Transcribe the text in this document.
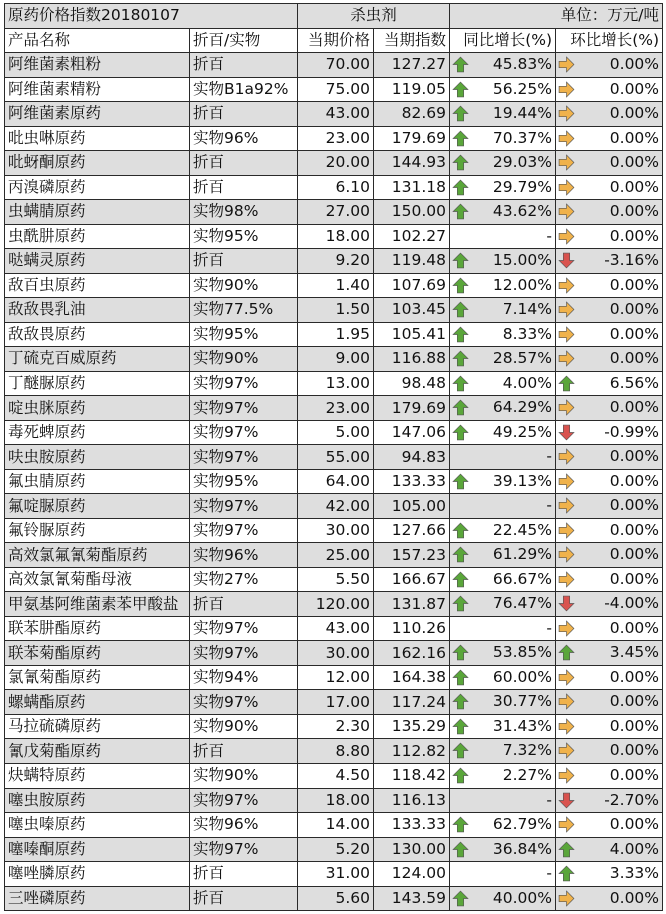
原药价格指数20180107		杀虫剂		单位：万元/吨	
产品名称	折百/实物	当期价格	当期指数	同比增长(%)	环比增长(%)
阿维菌素粗粉	折百	70.00	127.27	45.83%	0.00%

阿维菌素精粉	实物B1a92%	75.00	119.05	56.25%	0.00%

阿维菌素原药	折百	43.00	82.69	19.44%	0.00%

吡虫啉原药	实物96%	23.00	179.69	70.37%	0.00%

吡蚜酮原药	折百	20.00	144.93	29.03%	0.00%

丙溴磷原药	折百	6.10	131.18	29.79%	0.00%

虫螨腈原药	实物98%	27.00	150.00	43.62%	0.00%

虫酰肼原药	实物95%	18.00	102.27	-	0.00%

哒螨灵原药	折百	9.20	119.48	15.00%	-3.16%

敌百虫原药	实物90%	1.40	107.69	12.00%	0.00%

敌敌畏乳油	实物77.5%	1.50	103.45	7.14%	0.00%

敌敌畏原药	实物95%	1.95	105.41	8.33%	0.00%

丁硫克百威原药	实物90%	9.00	116.88	28.57%	0.00%

丁醚脲原药	实物97%	13.00	98.48	4.00%	6.56%

啶虫脒原药	实物97%	23.00	179.69	64.29%	0.00%

毒死蜱原药	实物97%	5.00	147.06	49.25%	-0.99%

呋虫胺原药	实物97%	55.00	94.83	-	0.00%

氟虫腈原药	实物95%	64.00	133.33	39.13%	0.00%

氟啶脲原药	实物97%	42.00	105.00	-	0.00%

氟铃脲原药	实物97%	30.00	127.66	22.45%	0.00%

高效氯氟氰菊酯原药	实物96%	25.00	157.23	61.29%	0.00%

高效氯氰菊酯母液	实物27%	5.50	166.67	66.67%	0.00%

甲氨基阿维菌素苯甲酸盐	折百	120.00	131.87	76.47%	-4.00%

联苯肼酯原药	实物97%	43.00	110.26	-	0.00%

联苯菊酯原药	实物97%	30.00	162.16	53.85%	3.45%

氯氰菊酯原药	实物94%	12.00	164.38	60.00%	0.00%

螺螨酯原药	实物97%	17.00	117.24	30.77%	0.00%

马拉硫磷原药	实物90%	2.30	135.29	31.43%	0.00%

氰戊菊酯原药	折百	8.80	112.82	7.32%	0.00%

炔螨特原药	实物90%	4.50	118.42	2.27%	0.00%

噻虫胺原药	实物97%	18.00	116.13	-	-2.70%

噻虫嗪原药	实物96%	14.00	133.33	62.79%	0.00%

噻嗪酮原药	实物97%	5.20	130.00	36.84%	4.00%

噻唑膦原药	折百	31.00	124.00	-	3.33%

三唑磷原药	折百	5.60	143.59	40.00%	0.00%
